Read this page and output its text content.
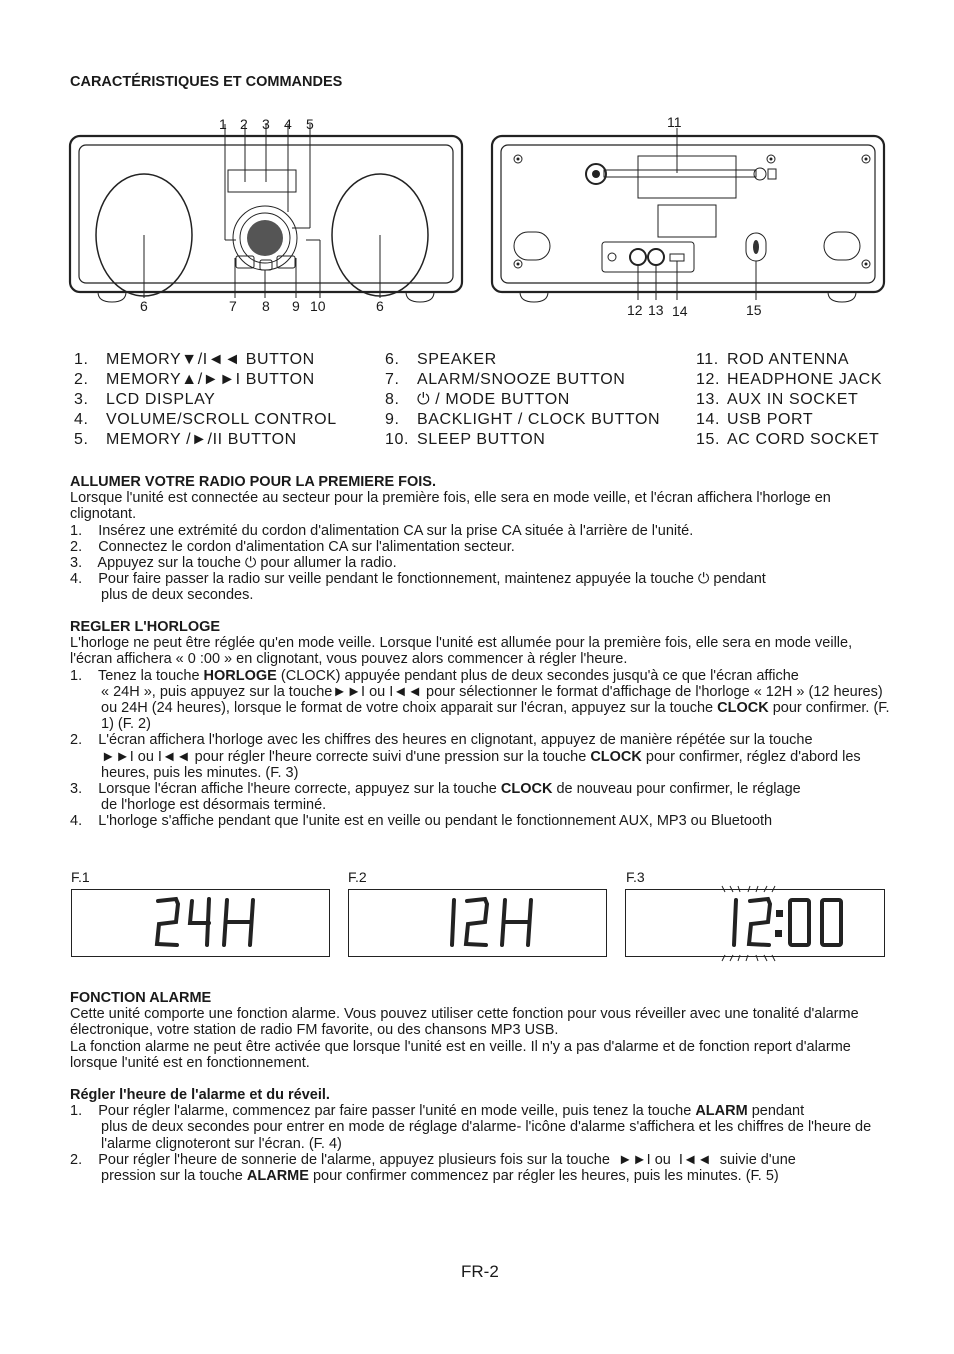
CARACTÉRISTIQUES ET COMMANDES
1 2 3 4 5
6	7 8 9 10	6
11
12 13 14	15
1. MEMORY▼/I◄◄ BUTTON
2. MEMORY▲/►►I BUTTON
3. LCD DISPLAY
4. VOLUME/SCROLL CONTROL
5. MEMORY /►/II BUTTON
6. SPEAKER
7. ALARM/SNOOZE BUTTON
8. ⏻ / MODE BUTTON
9. BACKLIGHT / CLOCK BUTTON
10. SLEEP BUTTON
11. ROD ANTENNA
12. HEADPHONE JACK
13. AUX IN SOCKET
14. USB PORT
15. AC CORD SOCKET
ALLUMER VOTRE RADIO POUR LA PREMIERE FOIS.
Lorsque l'unité est connectée au secteur pour la première fois, elle sera en mode veille, et l'écran affichera l'horloge en clignotant.
1.    Insérez une extrémité du cordon d'alimentation CA sur la prise CA située à l'arrière de l'unité.
2.    Connectez le cordon d'alimentation CA sur l'alimentation secteur.
3.    Appuyez sur la touche ⏻ pour allumer la radio.
4.    Pour faire passer la radio sur veille pendant le fonctionnement, maintenez appuyée la touche ⏻ pendant
plus de deux secondes.
REGLER L'HORLOGE
L'horloge ne peut être réglée qu'en mode veille. Lorsque l'unité est allumée pour la première fois, elle sera en mode veille, l'écran affichera « 0 :00 » en clignotant, vous pouvez alors commencer à régler l'heure.
1.    Tenez la touche HORLOGE (CLOCK) appuyée pendant plus de deux secondes jusqu'à ce que l'écran affiche
« 24H », puis appuyez sur la touche►►I ou I◄◄ pour sélectionner le format d'affichage de l'horloge « 12H » (12 heures) ou 24H (24 heures), lorsque le format de votre choix apparait sur l'écran, appuyez sur la touche CLOCK pour confirmer. (F. 1) (F. 2)
2.    L'écran affichera l'horloge avec les chiffres des heures en clignotant, appuyez de manière répétée sur la touche
►►I ou I◄◄ pour régler l'heure correcte suivi d'une pression sur la touche CLOCK pour confirmer, réglez d'abord les heures, puis les minutes. (F. 3)
3.    Lorsque l'écran affiche l'heure correcte, appuyez sur la touche CLOCK de nouveau pour confirmer, le réglage
de l'horloge est désormais terminé.
4.    L'horloge s'affiche pendant que l'unite est en veille ou pendant le fonctionnement AUX, MP3 ou Bluetooth
F.1	F.2	F.3
FONCTION ALARME
Cette unité comporte une fonction alarme. Vous pouvez utiliser cette fonction pour vous réveiller avec une tonalité d'alarme électronique, votre station de radio FM favorite, ou des chansons MP3 USB.
La fonction alarme ne peut être activée que lorsque l'unité est en veille. Il n'y a pas d'alarme et de fonction report d'alarme lorsque l'unité est en fonctionnement.
Régler l'heure de l'alarme et du réveil.
1.    Pour régler l'alarme, commencez par faire passer l'unité en mode veille, puis tenez la touche ALARM pendant
plus de deux secondes pour entrer en mode de réglage d'alarme- l'icône d'alarme s'affichera et les chiffres de l'heure de l'alarme clignoteront sur l'écran. (F. 4)
2.    Pour régler l'heure de sonnerie de l'alarme, appuyez plusieurs fois sur la touche  ►►I ou  I◄◄  suivie d'une
pression sur la touche ALARME pour confirmer commencez par régler les heures, puis les minutes. (F. 5)
FR-2
